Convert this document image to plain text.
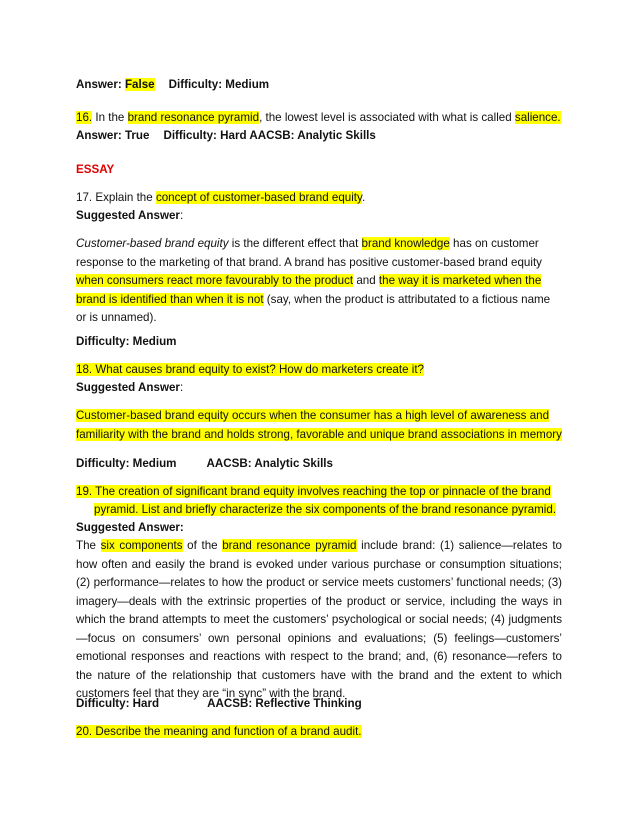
Answer: False Difficulty: Medium
16. In the brand resonance pyramid, the lowest level is associated with what is called salience.
Answer: True Difficulty: Hard AACSB: Analytic Skills
ESSAY
17. Explain the concept of customer-based brand equity.
Suggested Answer:
Customer-based brand equity is the different effect that brand knowledge has on customer response to the marketing of that brand. A brand has positive customer-based brand equity when consumers react more favourably to the product and the way it is marketed when the brand is identified than when it is not (say, when the product is attributated to a fictious name or is unnamed).
Difficulty: Medium
18. What causes brand equity to exist? How do marketers create it?
Suggested Answer:
Customer-based brand equity occurs when the consumer has a high level of awareness and familiarity with the brand and holds strong, favorable and unique brand associations in memory
Difficulty: Medium	AACSB: Analytic Skills
19. The creation of significant brand equity involves reaching the top or pinnacle of the brand
pyramid. List and briefly characterize the six components of the brand resonance pyramid.
Suggested Answer:
The six components of the brand resonance pyramid include brand: (1) salience—relates to how often and easily the brand is evoked under various purchase or consumption situations; (2) performance—relates to how the product or service meets customers’ functional needs; (3) imagery—deals with the extrinsic properties of the product or service, including the ways in which the brand attempts to meet the customers’ psychological or social needs; (4) judgments—focus on consumers’ own personal opinions and evaluations; (5) feelings—customers’ emotional responses and reactions with respect to the brand; and, (6) resonance—refers to the nature of the relationship that customers have with the brand and the extent to which customers feel that they are “in sync” with the brand.
Difficulty: Hard	AACSB: Reflective Thinking
20. Describe the meaning and function of a brand audit.
